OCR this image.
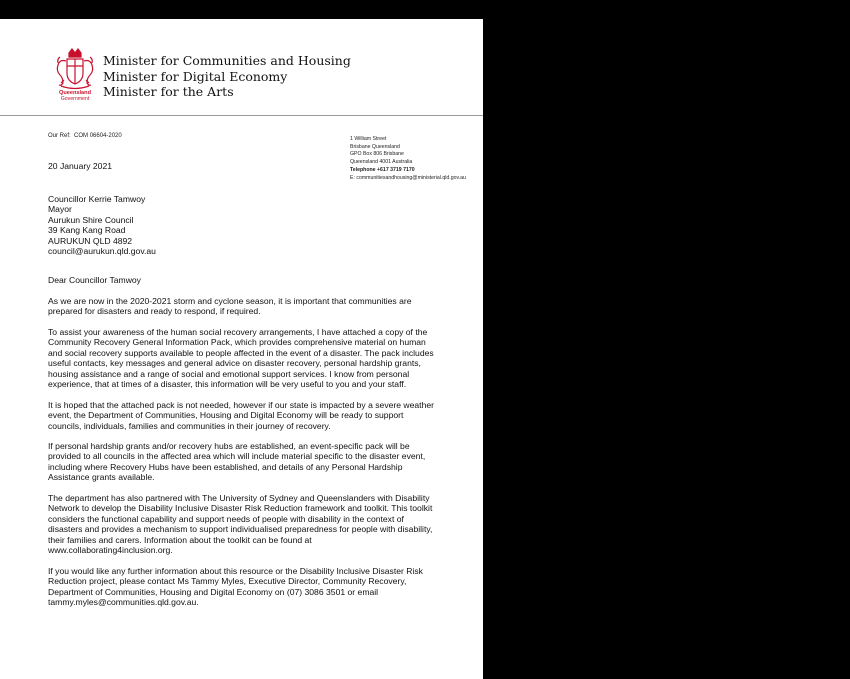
Queensland
Government
Minister for Communities and Housing
Minister for Digital Economy
Minister for the Arts
Our Ref: COM 06604-2020	1 William Street
Brisbane Queensland
GPO Box 806 Brisbane
Queensland 4001 Australia
Telephone +617 3719 7170
E: communitiesandhousing@ministerial.qld.gov.au
20 January 2021
Councillor Kerrie Tamwoy
Mayor
Aurukun Shire Council
39 Kang Kang Road
AURUKUN QLD 4892
council@aurukun.qld.gov.au
Dear Councillor Tamwoy
As we are now in the 2020-2021 storm and cyclone season, it is important that communities are
prepared for disasters and ready to respond, if required.
To assist your awareness of the human social recovery arrangements, I have attached a copy of the
Community Recovery General Information Pack, which provides comprehensive material on human
and social recovery supports available to people affected in the event of a disaster. The pack includes
useful contacts, key messages and general advice on disaster recovery, personal hardship grants,
housing assistance and a range of social and emotional support services. I know from personal
experience, that at times of a disaster, this information will be very useful to you and your staff.
It is hoped that the attached pack is not needed, however if our state is impacted by a severe weather
event, the Department of Communities, Housing and Digital Economy will be ready to support
councils, individuals, families and communities in their journey of recovery.
If personal hardship grants and/or recovery hubs are established, an event-specific pack will be
provided to all councils in the affected area which will include material specific to the disaster event,
including where Recovery Hubs have been established, and details of any Personal Hardship
Assistance grants available.
The department has also partnered with The University of Sydney and Queenslanders with Disability
Network to develop the Disability Inclusive Disaster Risk Reduction framework and toolkit. This toolkit
considers the functional capability and support needs of people with disability in the context of
disasters and provides a mechanism to support individualised preparedness for people with disability,
their families and carers. Information about the toolkit can be found at
www.collaborating4inclusion.org.
If you would like any further information about this resource or the Disability Inclusive Disaster Risk
Reduction project, please contact Ms Tammy Myles, Executive Director, Community Recovery,
Department of Communities, Housing and Digital Economy on (07) 3086 3501 or email
tammy.myles@communities.qld.gov.au.
